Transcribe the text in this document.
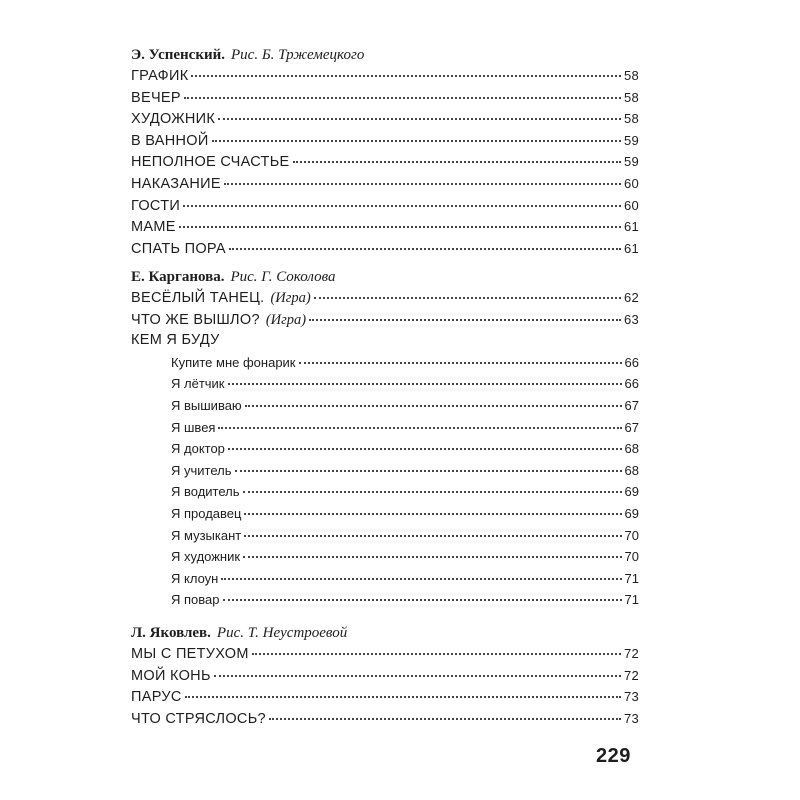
Э. Успенский. Рис. Б. Тржемецкого
ГРАФИК	58
ВЕЧЕР	58
ХУДОЖНИК	58
В ВАННОЙ	59
НЕПОЛНОЕ СЧАСТЬЕ	59
НАКАЗАНИЕ	60
ГОСТИ	60
МАМЕ	61
СПАТЬ ПОРА	61
Е. Карганова. Рис. Г. Соколова
ВЕСЁЛЫЙ ТАНЕЦ. (Игра)	62
ЧТО ЖЕ ВЫШЛО? (Игра)	63
КЕМ Я БУДУ
Купите мне фонарик	66
Я лётчик	66
Я вышиваю	67
Я швея	67
Я доктор	68
Я учитель	68
Я водитель	69
Я продавец	69
Я музыкант	70
Я художник	70
Я клоун	71
Я повар	71
Л. Яковлев. Рис. Т. Неустроевой
МЫ С ПЕТУХОМ	72
МОЙ КОНЬ	72
ПАРУС	73
ЧТО СТРЯСЛОСЬ?	73
229
